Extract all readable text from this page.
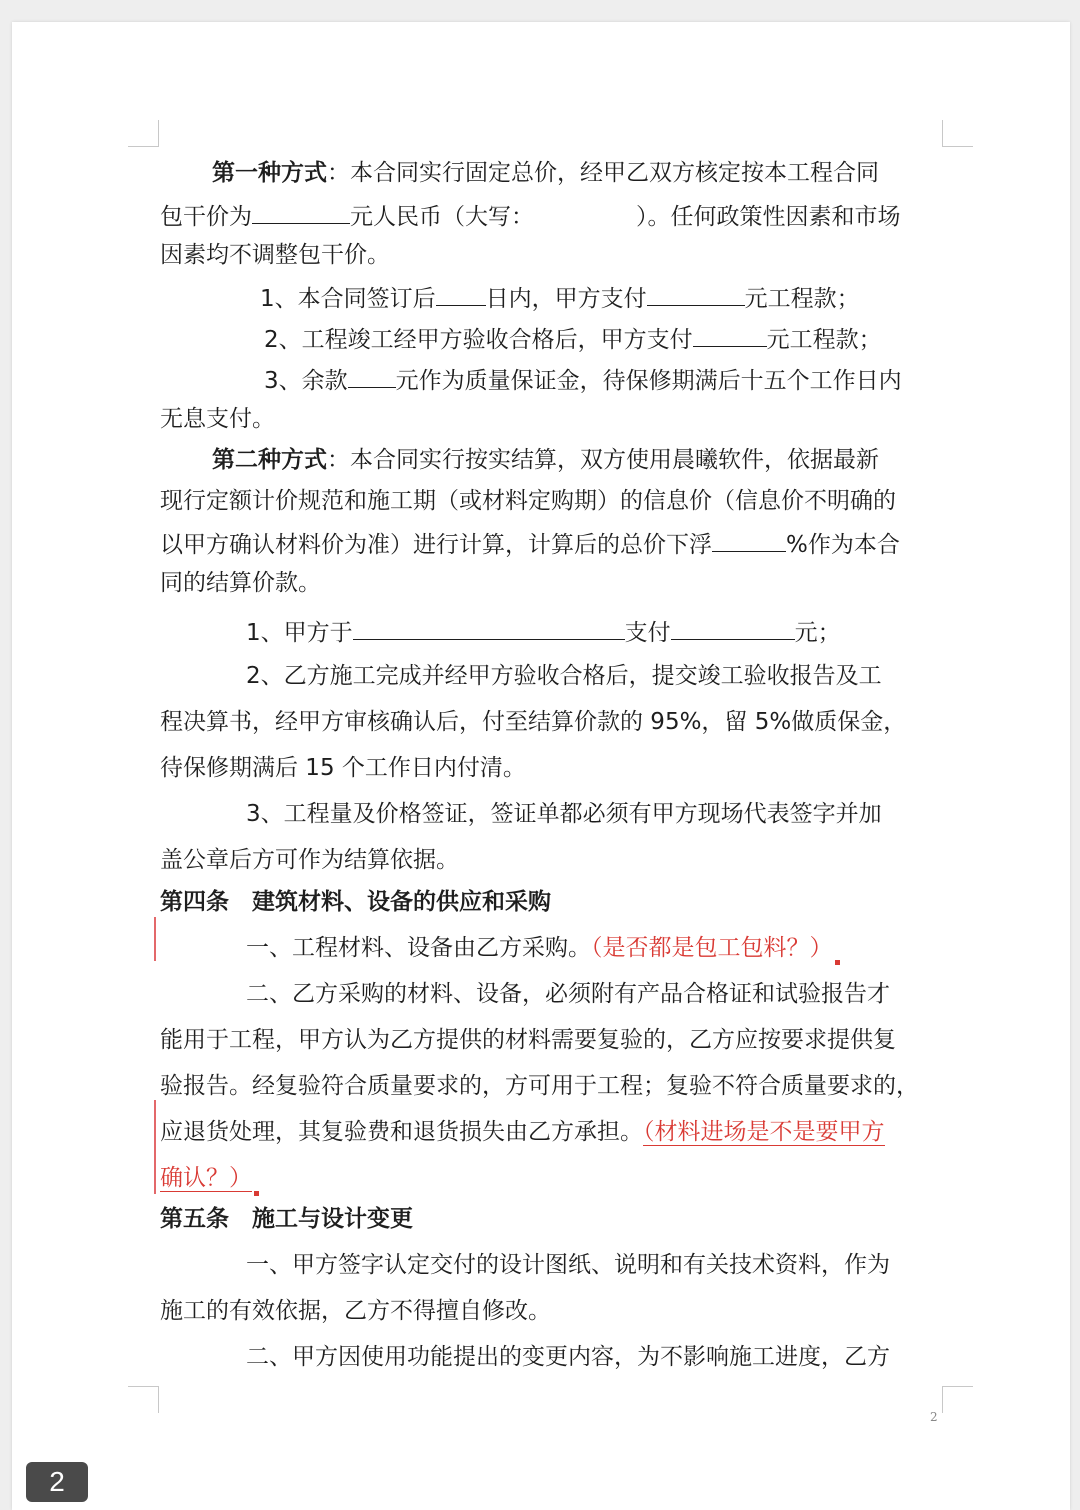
第一种方式：本合同实行固定总价，经甲乙双方核定按本工程合同
包干价为	元人民币（大写：	）。任何政策性因素和市场
因素均不调整包干价。
1、本合同签订后 日内，甲方支付	元工程款；
2、工程竣工经甲方验收合格后，甲方支付	元工程款；
3、余款 元作为质量保证金，待保修期满后十五个工作日内
无息支付。
第二种方式：本合同实行按实结算，双方使用晨曦软件，依据最新
现行定额计价规范和施工期（或材料定购期）的信息价（信息价不明确的
以甲方确认材料价为准）进行计算，计算后的总价下浮	%作为本合
同的结算价款。
1、甲方于	支付	元；
2、乙方施工完成并经甲方验收合格后，提交竣工验收报告及工
程决算书，经甲方审核确认后，付至结算价款的 95%，留 5%做质保金，
待保修期满后 15 个工作日内付清。
3、工程量及价格签证，签证单都必须有甲方现场代表签字并加
盖公章后方可作为结算依据。
第四条　建筑材料、设备的供应和采购
一、工程材料、设备由乙方采购。（是否都是包工包料？）
二、乙方采购的材料、设备，必须附有产品合格证和试验报告才
能用于工程，甲方认为乙方提供的材料需要复验的，乙方应按要求提供复
验报告。经复验符合质量要求的，方可用于工程；复验不符合质量要求的，
应退货处理，其复验费和退货损失由乙方承担。（材料进场是不是要甲方
确认？）
第五条　施工与设计变更
一、甲方签字认定交付的设计图纸、说明和有关技术资料，作为
施工的有效依据，乙方不得擅自修改。
二、甲方因使用功能提出的变更内容，为不影响施工进度，乙方
2
2
